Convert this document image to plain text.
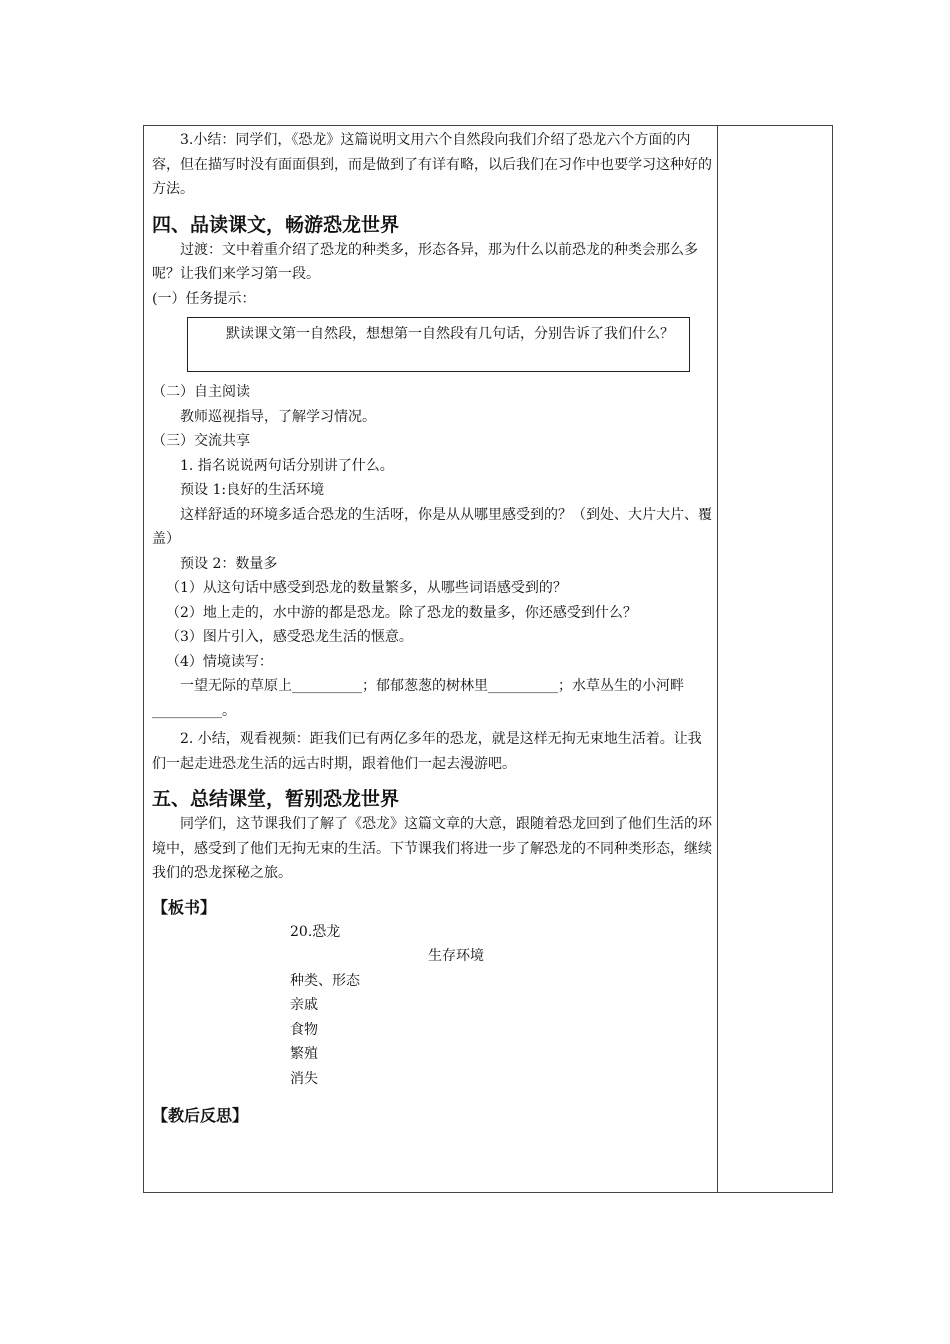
3.小结：同学们，《恐龙》这篇说明文用六个自然段向我们介绍了恐龙六个方面的内容，但在描写时没有面面俱到，而是做到了有详有略，以后我们在习作中也要学习这种好的方法。

四、品读课文，畅游恐龙世界

过渡：文中着重介绍了恐龙的种类多，形态各异，那为什么以前恐龙的种类会那么多呢？让我们来学习第一段。

(一）任务提示：

默读课文第一自然段，想想第一自然段有几句话，分别告诉了我们什么？

（二）自主阅读

教师巡视指导，了解学习情况。

（三）交流共享

1. 指名说说两句话分别讲了什么。

预设 1:良好的生活环境

这样舒适的环境多适合恐龙的生活呀，你是从从哪里感受到的？（到处、大片大片、覆盖）

预设 2：数量多

（1）从这句话中感受到恐龙的数量繁多，从哪些词语感受到的？

（2）地上走的，水中游的都是恐龙。除了恐龙的数量多，你还感受到什么？

（3）图片引入，感受恐龙生活的惬意。

（4）情境读写：

一望无际的草原上__________；郁郁葱葱的树林里__________；水草丛生的小河畔__________。

2. 小结，观看视频：距我们已有两亿多年的恐龙，就是这样无拘无束地生活着。让我们一起走进恐龙生活的远古时期，跟着他们一起去漫游吧。

五、总结课堂，暂别恐龙世界

同学们，这节课我们了解了《恐龙》这篇文章的大意，跟随着恐龙回到了他们生活的环境中，感受到了他们无拘无束的生活。下节课我们将进一步了解恐龙的不同种类形态，继续我们的恐龙探秘之旅。

【板书】

20.恐龙
生存环境
种类、形态
亲戚
食物
繁殖
消失

【教后反思】
